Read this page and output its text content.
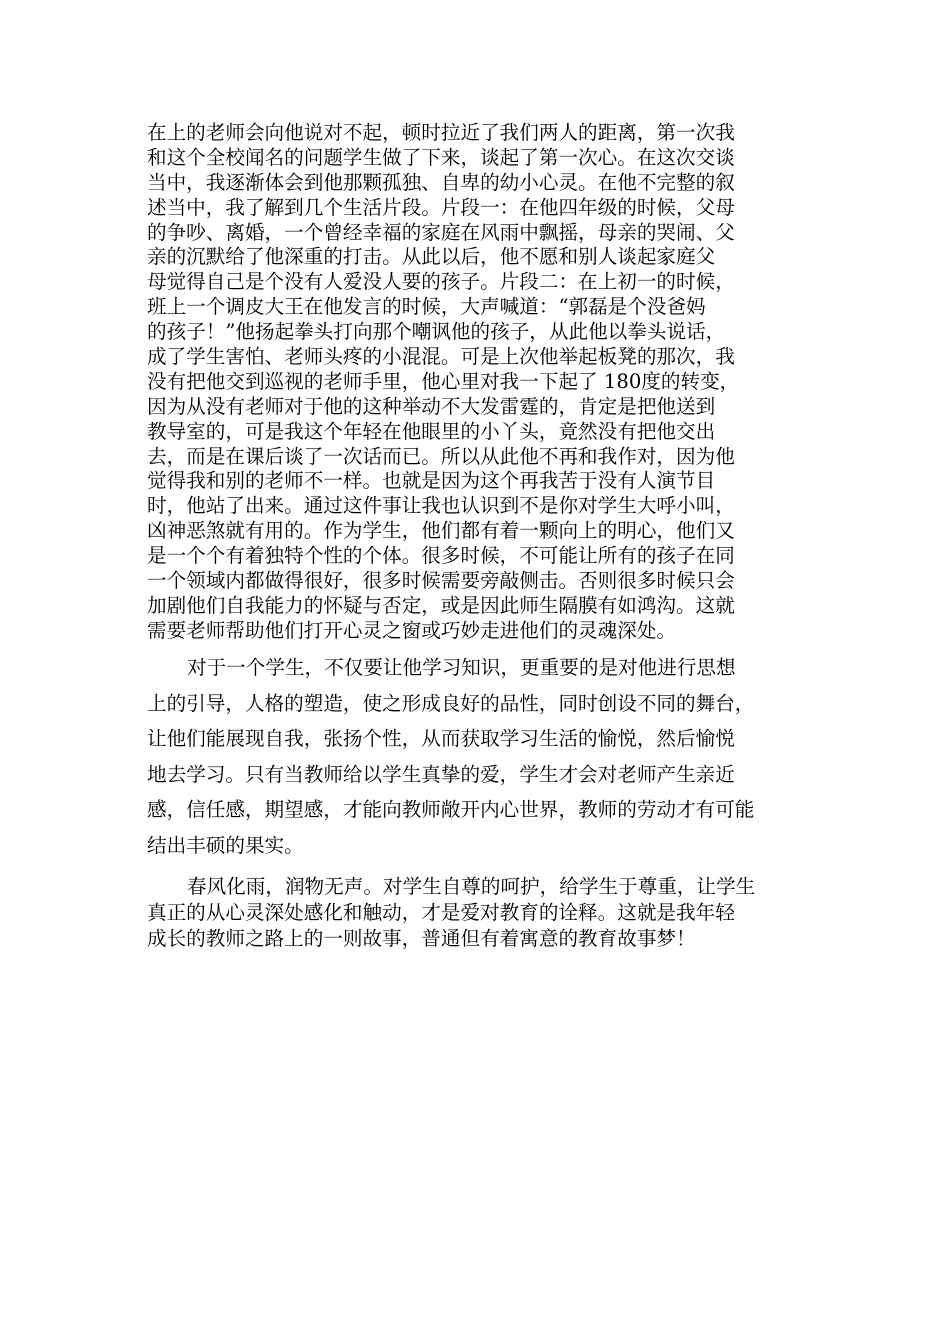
在上的老师会向他说对不起，顿时拉近了我们两人的距离，第一次我
和这个全校闻名的问题学生做了下来，谈起了第一次心。在这次交谈
当中，我逐渐体会到他那颗孤独、自卑的幼小心灵。在他不完整的叙
述当中，我了解到几个生活片段。片段一：在他四年级的时候，父母
的争吵、离婚，一个曾经幸福的家庭在风雨中飘摇，母亲的哭闹、父
亲的沉默给了他深重的打击。从此以后，他不愿和别人谈起家庭父
母觉得自己是个没有人爱没人要的孩子。片段二：在上初一的时候，
班上一个调皮大王在他发言的时候，大声喊道：“郭磊是个没爸妈
的孩子！”他扬起拳头打向那个嘲讽他的孩子，从此他以拳头说话，
成了学生害怕、老师头疼的小混混。可是上次他举起板凳的那次，我
没有把他交到巡视的老师手里，他心里对我一下起了 180度的转变，
因为从没有老师对于他的这种举动不大发雷霆的，肯定是把他送到
教导室的，可是我这个年轻在他眼里的小丫头，竟然没有把他交出
去，而是在课后谈了一次话而已。所以从此他不再和我作对，因为他
觉得我和别的老师不一样。也就是因为这个再我苦于没有人演节目
时，他站了出来。通过这件事让我也认识到不是你对学生大呼小叫，
凶神恶煞就有用的。作为学生，他们都有着一颗向上的明心，他们又
是一个个有着独特个性的个体。很多时候，不可能让所有的孩子在同
一个领域内都做得很好，很多时候需要旁敲侧击。否则很多时候只会
加剧他们自我能力的怀疑与否定，或是因此师生隔膜有如鸿沟。这就
需要老师帮助他们打开心灵之窗或巧妙走进他们的灵魂深处。
对于一个学生，不仅要让他学习知识，更重要的是对他进行思想
上的引导，人格的塑造，使之形成良好的品性，同时创设不同的舞台，
让他们能展现自我，张扬个性，从而获取学习生活的愉悦，然后愉悦
地去学习。只有当教师给以学生真挚的爱，学生才会对老师产生亲近
感，信任感，期望感，才能向教师敞开内心世界，教师的劳动才有可能
结出丰硕的果实。
春风化雨，润物无声。对学生自尊的呵护，给学生于尊重，让学生
真正的从心灵深处感化和触动，才是爱对教育的诠释。这就是我年轻
成长的教师之路上的一则故事，普通但有着寓意的教育故事梦！
